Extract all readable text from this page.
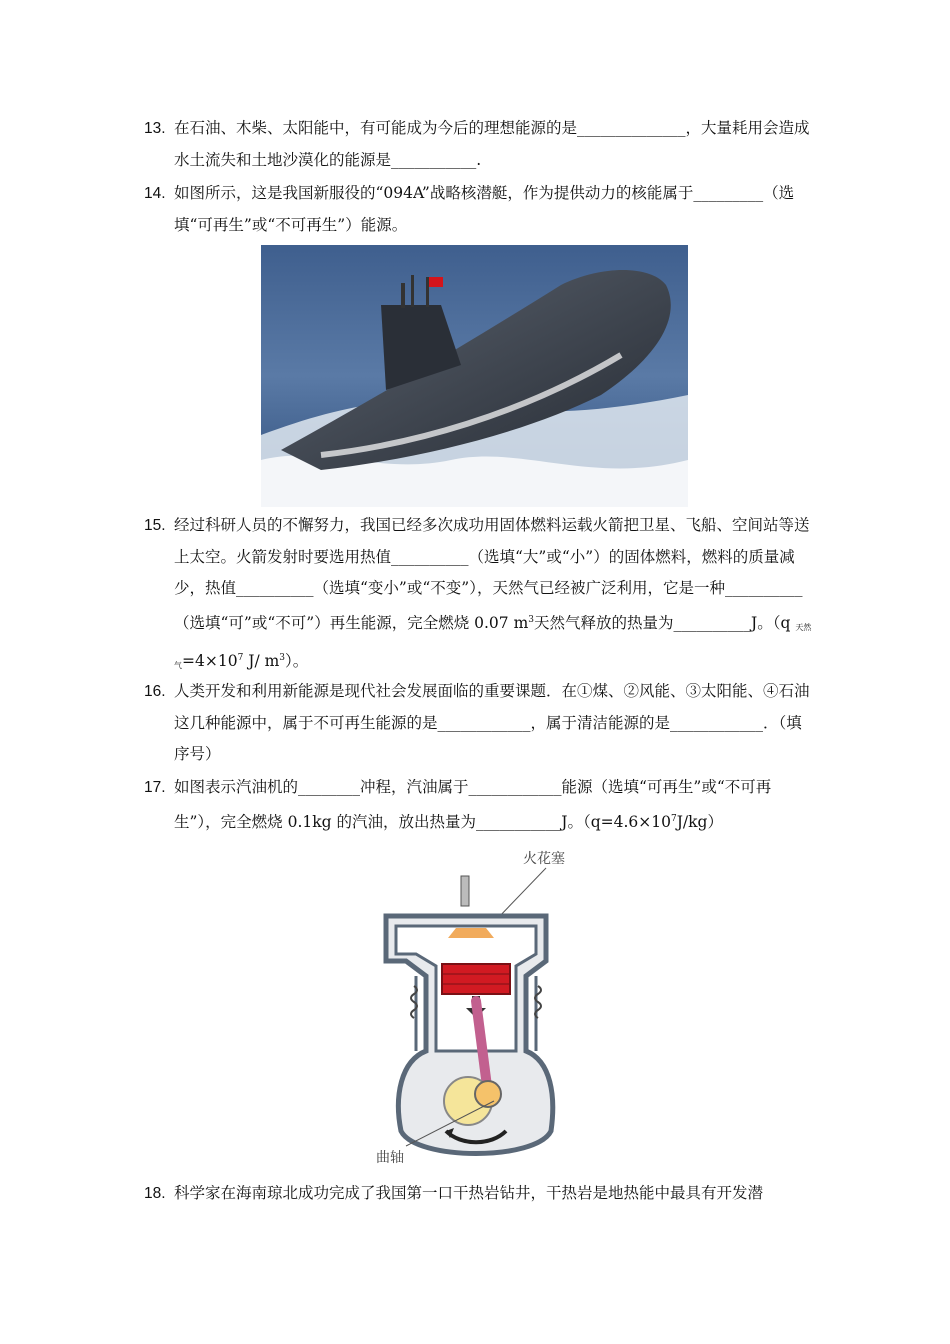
13. 在石油、木柴、太阳能中，有可能成为今后的理想能源的是______________，大量耗用会造成水土流失和土地沙漠化的能源是___________.
14. 如图所示，这是我国新服役的“094A”战略核潜艇，作为提供动力的核能属于_________（选填“可再生”或“不可再生”）能源。
15. 经过科研人员的不懈努力，我国已经多次成功用固体燃料运载火箭把卫星、飞船、空间站等送上太空。火箭发射时要选用热值__________（选填“大”或“小”）的固体燃料，燃料的质量减少，热值__________（选填“变小”或“不变”），天然气已经被广泛利用，它是一种__________（选填“可”或“不可”）再生能源，完全燃烧 0.07 $m^3$天然气释放的热量为__________J。（q $_{天然气}=4\times 10^7$ J/ $m^3$）。
16. 人类开发和利用新能源是现代社会发展面临的重要课题．在①煤、②风能、③太阳能、④石油这几种能源中，属于不可再生能源的是____________，属于清洁能源的是____________．（填序号）
17. 如图表示汽油机的________冲程，汽油属于____________能源（选填“可再生”或“不可再生”），完全燃烧 0.1kg 的汽油，放出热量为___________J。$(q=4.6\times 10^7J/kg)$
火花塞
曲轴
18. 科学家在海南琼北成功完成了我国第一口干热岩钻井，干热岩是地热能中最具有开发潜
